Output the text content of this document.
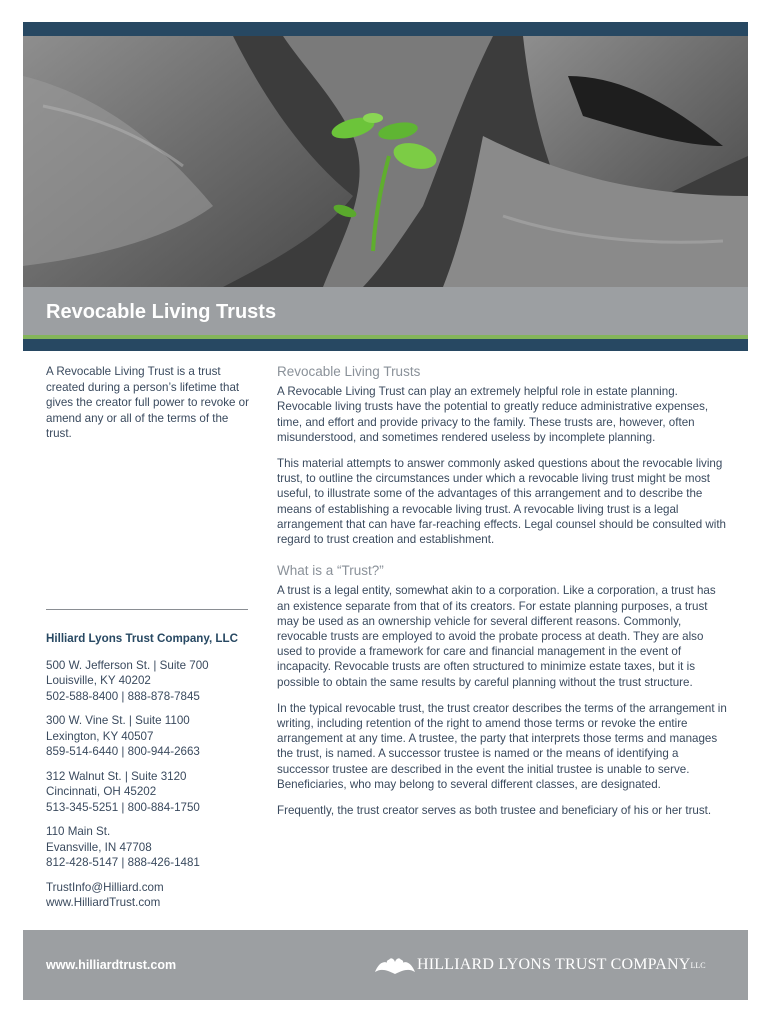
Revocable Living Trusts

A Revocable Living Trust is a trust created during a person’s lifetime that gives the creator full power to revoke or amend any or all of the terms of the trust.

Hilliard Lyons Trust Company, LLC

500 W. Jefferson St. | Suite 700
Louisville, KY 40202
502-588-8400 | 888-878-7845
300 W. Vine St. | Suite 1100
Lexington, KY 40507
859-514-6440 | 800-944-2663
312 Walnut St. | Suite 3120
Cincinnati, OH 45202
513-345-5251 | 800-884-1750
110 Main St.
Evansville, IN 47708
812-428-5147 | 888-426-1481
TrustInfo@Hilliard.com
www.HilliardTrust.com
Revocable Living Trusts

A Revocable Living Trust can play an extremely helpful role in estate planning. Revocable living trusts have the potential to greatly reduce administrative expenses, time, and effort and provide privacy to the family. These trusts are, however, often misunderstood, and sometimes rendered useless by incomplete planning.

This material attempts to answer commonly asked questions about the revocable living trust, to outline the circumstances under which a revocable living trust might be most useful, to illustrate some of the advantages of this arrangement and to describe the means of establishing a revocable living trust. A revocable living trust is a legal arrangement that can have far-reaching effects. Legal counsel should be consulted with regard to trust creation and establishment.

What is a “Trust?”

A trust is a legal entity, somewhat akin to a corporation. Like a corporation, a trust has an existence separate from that of its creators. For estate planning purposes, a trust may be used as an ownership vehicle for several different reasons. Commonly, revocable trusts are employed to avoid the probate process at death. They are also used to provide a framework for care and financial management in the event of incapacity. Revocable trusts are often structured to minimize estate taxes, but it is possible to obtain the same results by careful planning without the trust structure.

In the typical revocable trust, the trust creator describes the terms of the arrangement in writing, including retention of the right to amend those terms or revoke the entire arrangement at any time. A trustee, the party that interprets those terms and manages the trust, is named. A successor trustee is named or the means of identifying a successor trustee are described in the event the initial trustee is unable to serve. Beneficiaries, who may belong to several different classes, are designated.

Frequently, the trust creator serves as both trustee and beneficiary of his or her trust.

www.hilliardtrust.com	HILLIARD LYONS TRUST COMPANY LLC
